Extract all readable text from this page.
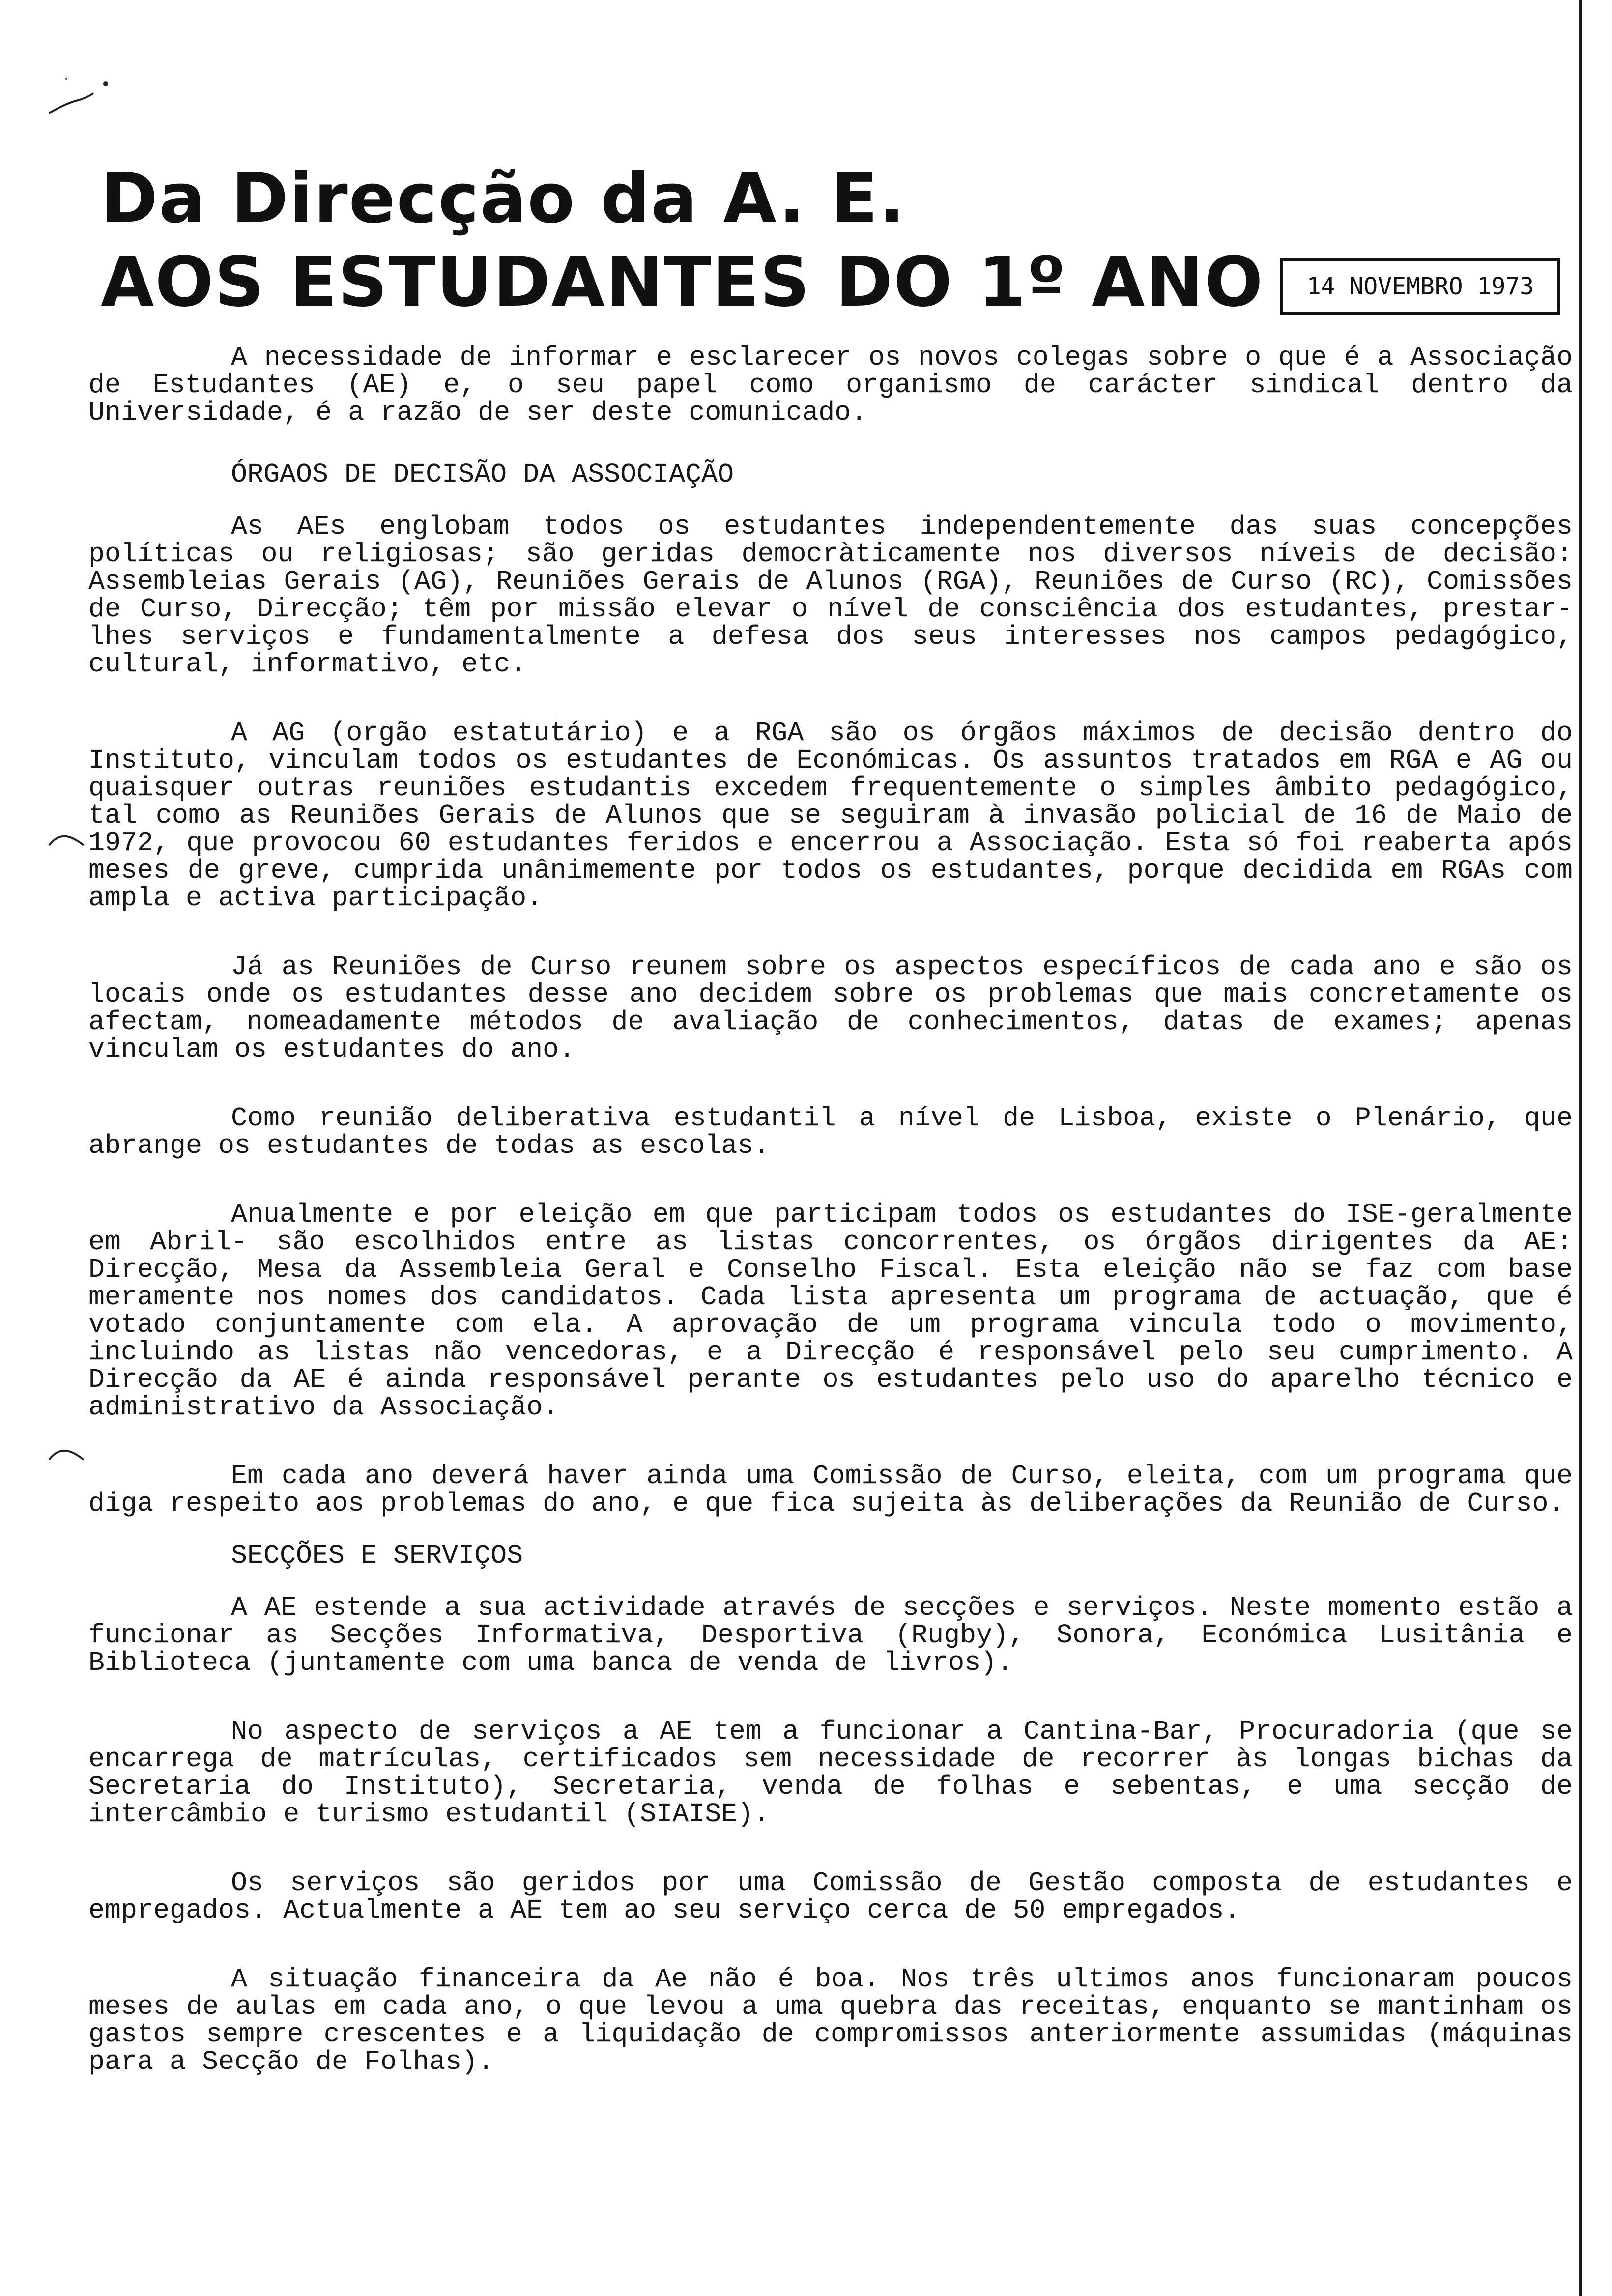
Da Direcção da A. E.
AOS ESTUDANTES DO 1º ANO	14 NOVEMBRO 1973

A necessidade de informar e esclarecer os novos colegas sobre o que é a Associação de Estudantes (AE) e, o seu papel como organismo de carácter sindical dentro da Universidade, é a razão de ser deste comunicado.

ÓRGAOS DE DECISÃO DA ASSOCIAÇÃO

As AEs englobam todos os estudantes independentemente das suas concepções políticas ou religiosas; são geridas democràticamente nos diversos níveis de decisão: Assembleias Gerais (AG), Reuniões Gerais de Alunos (RGA), Reuniões de Curso (RC), Comissões de Curso, Direcção; têm por missão elevar o nível de consciência dos estudantes, prestar-lhes serviços e fundamentalmente a defesa dos seus interesses nos campos pedagógico, cultural, informativo, etc.

A AG (orgão estatutário) e a RGA são os órgãos máximos de decisão dentro do Instituto, vinculam todos os estudantes de Económicas. Os assuntos tratados em RGA e AG ou quaisquer outras reuniões estudantis excedem frequentemente o simples âmbito pedagógico, tal como as Reuniões Gerais de Alunos que se seguiram à invasão policial de 16 de Maio de 1972, que provocou 60 estudantes feridos e encerrou a Associação. Esta só foi reaberta após meses de greve, cumprida unânimemente por todos os estudantes, porque decidida em RGAs com ampla e activa participação.

Já as Reuniões de Curso reunem sobre os aspectos específicos de cada ano e são os locais onde os estudantes desse ano decidem sobre os problemas que mais concretamente os afectam, nomeadamente métodos de avaliação de conhecimentos, datas de exames; apenas vinculam os estudantes do ano.

Como reunião deliberativa estudantil a nível de Lisboa, existe o Plenário, que abrange os estudantes de todas as escolas.

Anualmente e por eleição em que participam todos os estudantes do ISE-geralmente em Abril- são escolhidos entre as listas concorrentes, os órgãos dirigentes da AE: Direcção, Mesa da Assembleia Geral e Conselho Fiscal. Esta eleição não se faz com base meramente nos nomes dos candidatos. Cada lista apresenta um programa de actuação, que é votado conjuntamente com ela. A aprovação de um programa vincula todo o movimento, incluindo as listas não vencedoras, e a Direcção é responsável pelo seu cumprimento. A Direcção da AE é ainda responsável perante os estudantes pelo uso do aparelho técnico e administrativo da Associação.

Em cada ano deverá haver ainda uma Comissão de Curso, eleita, com um programa que diga respeito aos problemas do ano, e que fica sujeita às deliberações da Reunião de Curso.

SECÇÕES E SERVIÇOS

A AE estende a sua actividade através de secções e serviços. Neste momento estão a funcionar as Secções Informativa, Desportiva (Rugby), Sonora, Económica Lusitânia e Biblioteca (juntamente com uma banca de venda de livros).

No aspecto de serviços a AE tem a funcionar a Cantina-Bar, Procuradoria (que se encarrega de matrículas, certificados sem necessidade de recorrer às longas bichas da Secretaria do Instituto), Secretaria, venda de folhas e sebentas, e uma secção de intercâmbio e turismo estudantil (SIAISE).

Os serviços são geridos por uma Comissão de Gestão composta de estudantes e empregados. Actualmente a AE tem ao seu serviço cerca de 50 empregados.

A situação financeira da Ae não é boa. Nos três ultimos anos funcionaram poucos meses de aulas em cada ano, o que levou a uma quebra das receitas, enquanto se mantinham os gastos sempre crescentes e a liquidação de compromissos anteriormente assumidas (máquinas para a Secção de Folhas).
